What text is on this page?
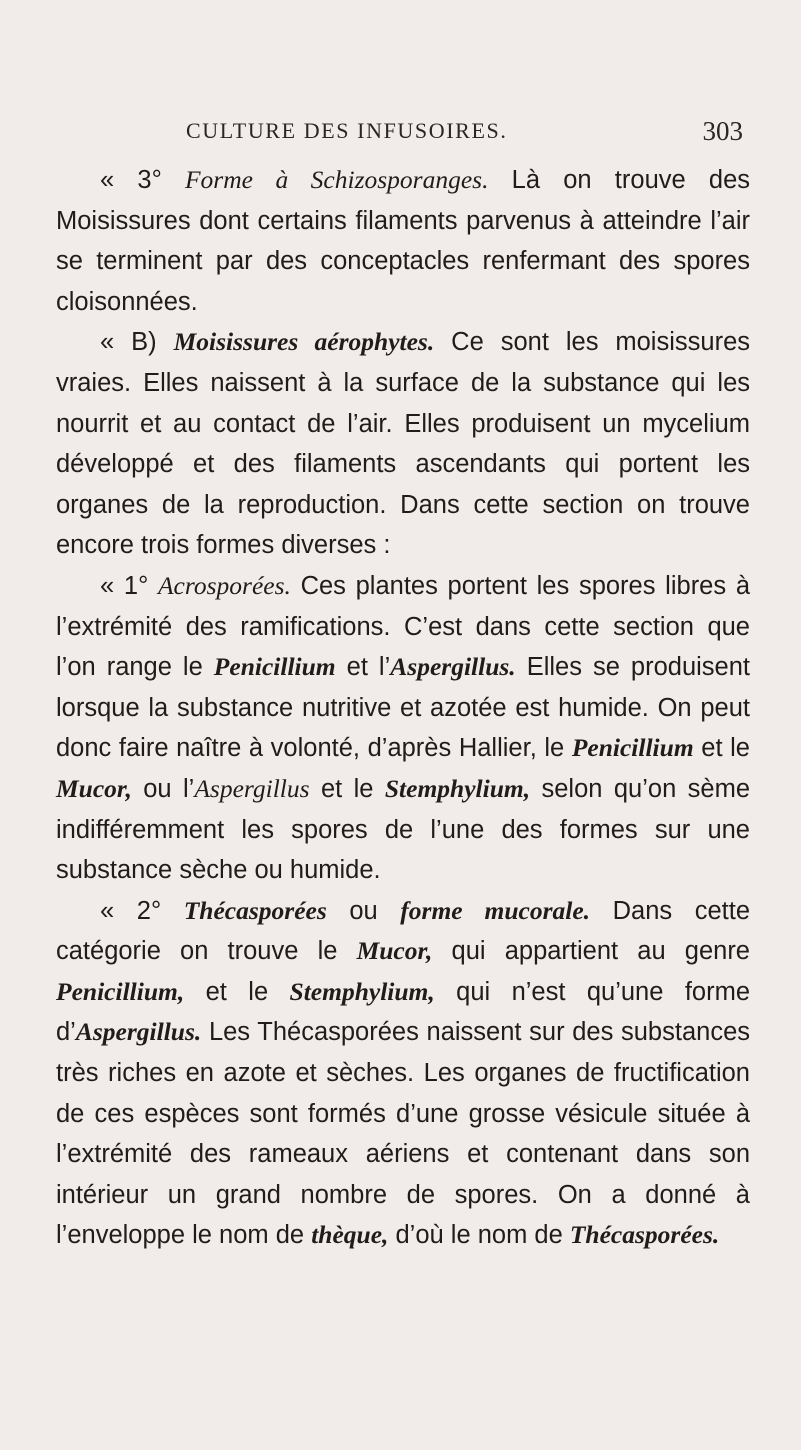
CULTURE DES INFUSOIRES.	303

« 3° Forme à Schizosporanges. Là on trouve des Moisissures dont certains filaments parvenus à atteindre l’air se terminent par des conceptacles renfermant des spores cloisonnées.

« B) Moisissures aérophytes. Ce sont les moisissures vraies. Elles naissent à la surface de la substance qui les nourrit et au contact de l’air. Elles produisent un mycelium développé et des filaments ascendants qui portent les organes de la reproduction. Dans cette section on trouve encore trois formes diverses :

« 1° Acrosporées. Ces plantes portent les spores libres à l’extrémité des ramifications. C’est dans cette section que l’on range le Penicillium et l’Aspergillus. Elles se produisent lorsque la substance nutritive et azotée est humide. On peut donc faire naître à volonté, d’après Hallier, le Penicillium et le Mucor, ou l’Aspergillus et le Stemphylium, selon qu’on sème indifféremment les spores de l’une des formes sur une substance sèche ou humide.

« 2° Thécasporées ou forme mucorale. Dans cette catégorie on trouve le Mucor, qui appartient au genre Penicillium, et le Stemphylium, qui n’est qu’une forme d’Aspergillus. Les Thécasporées naissent sur des substances très riches en azote et sèches. Les organes de fructification de ces espèces sont formés d’une grosse vésicule située à l’extrémité des rameaux aériens et contenant dans son intérieur un grand nombre de spores. On a donné à l’enveloppe le nom de thèque, d’où le nom de Thécasporées.
